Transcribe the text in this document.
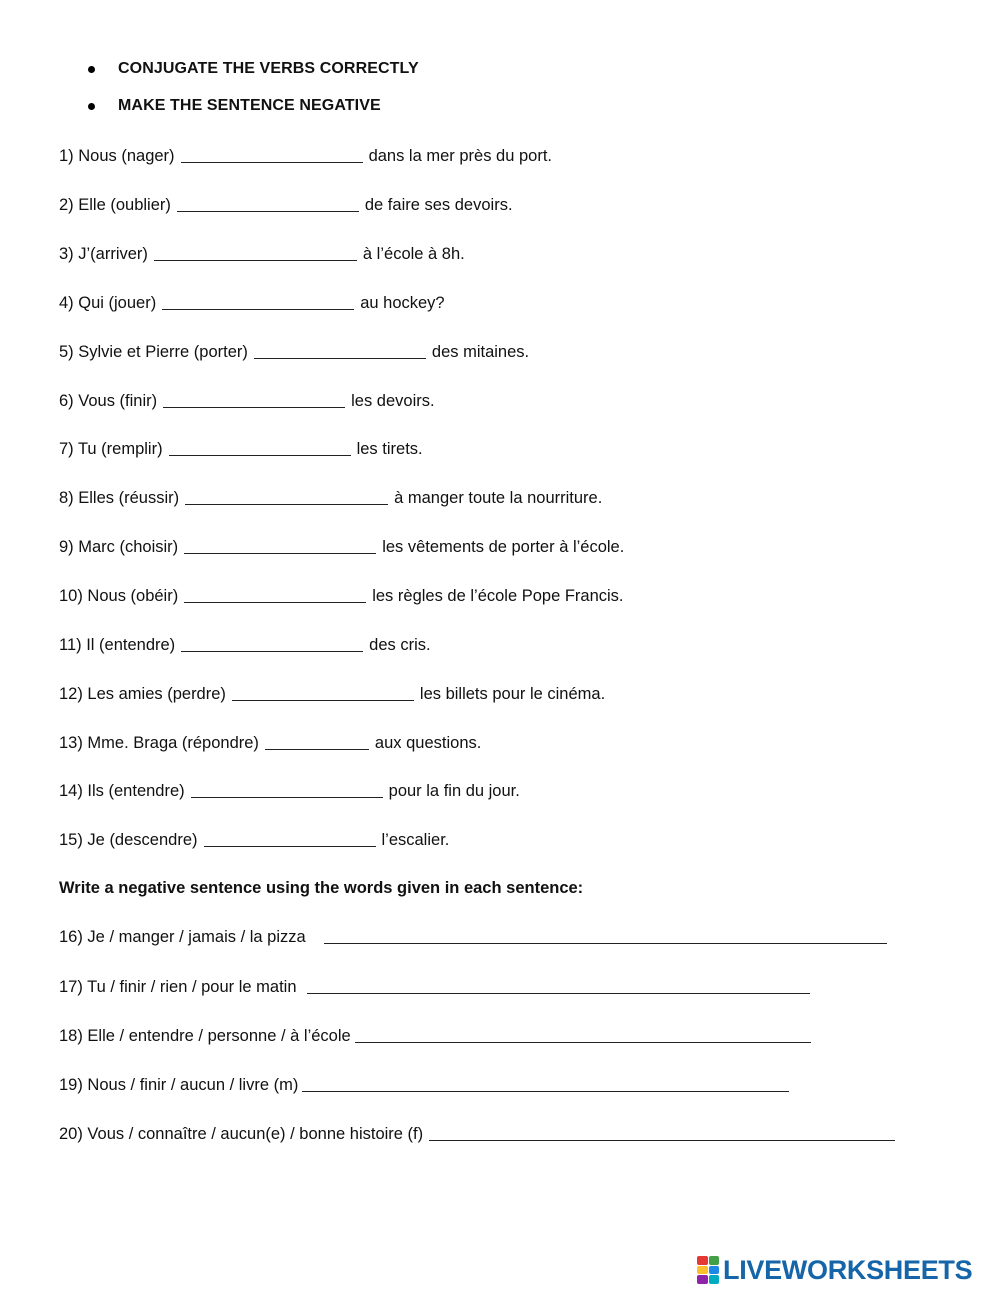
CONJUGATE THE VERBS CORRECTLY
MAKE THE SENTENCE NEGATIVE
1) Nous (nager)	dans la mer près du port.
2) Elle (oublier)	de faire ses devoirs.
3) J’(arriver)	à l’école à 8h.
4) Qui (jouer)	au hockey?
5) Sylvie et Pierre (porter)	des mitaines.
6) Vous (finir)	les devoirs.
7) Tu (remplir)	les tirets.
8) Elles (réussir)	à manger toute la nourriture.
9) Marc (choisir)	les vêtements de porter à l’école.
10) Nous (obéir)	les règles de l’école Pope Francis.
11) Il (entendre)	des cris.
12) Les amies (perdre)	les billets pour le cinéma.
13) Mme. Braga (répondre)	aux questions.
14) Ils (entendre)	pour la fin du jour.
15) Je (descendre)	l’escalier.
Write a negative sentence using the words given in each sentence:
16) Je / manger / jamais / la pizza
17) Tu / finir / rien / pour le matin
18) Elle / entendre / personne / à l’école
19) Nous / finir / aucun / livre (m)
20) Vous / connaître / aucun(e) / bonne histoire (f)
LIVEWORKSHEETS
